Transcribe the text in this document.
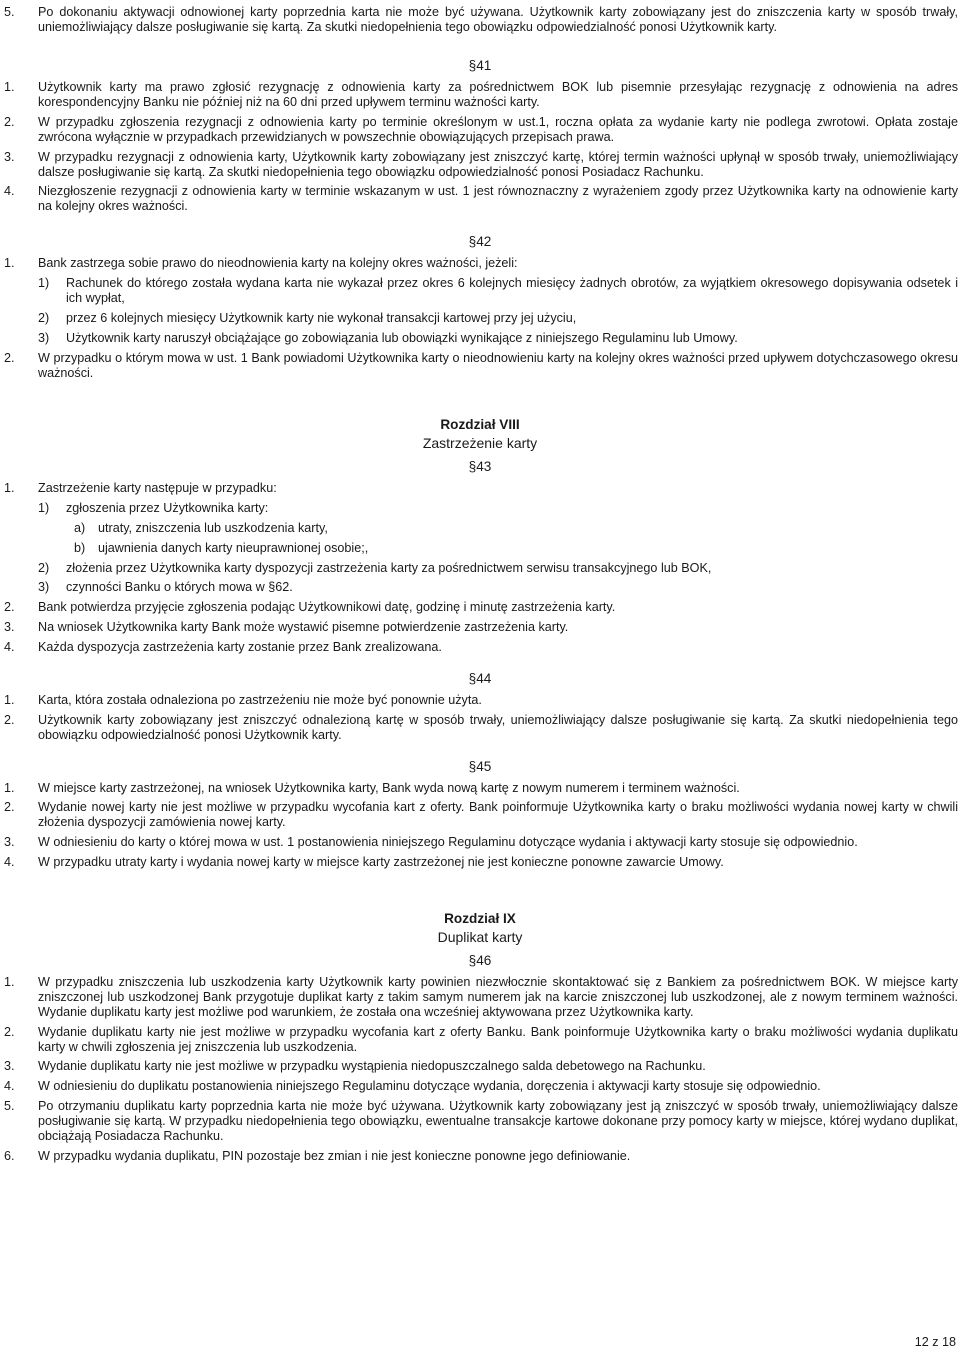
5. Po dokonaniu aktywacji odnowionej karty poprzednia karta nie może być używana. Użytkownik karty zobowiązany jest do zniszczenia karty w sposób trwały, uniemożliwiający dalsze posługiwanie się kartą. Za skutki niedopełnienia tego obowiązku odpowiedzialność ponosi Użytkownik karty.
§41
1. Użytkownik karty ma prawo zgłosić rezygnację z odnowienia karty za pośrednictwem BOK lub pisemnie przesyłając rezygnację z odnowienia na adres korespondencyjny Banku nie później niż na 60 dni przed upływem terminu ważności karty.
2. W przypadku zgłoszenia rezygnacji z odnowienia karty po terminie określonym w ust.1, roczna opłata za wydanie karty nie podlega zwrotowi. Opłata zostaje zwrócona wyłącznie w przypadkach przewidzianych w powszechnie obowiązujących przepisach prawa.
3. W przypadku rezygnacji z odnowienia karty, Użytkownik karty zobowiązany jest zniszczyć kartę, której termin ważności upłynął w sposób trwały, uniemożliwiający dalsze posługiwanie się kartą. Za skutki niedopełnienia tego obowiązku odpowiedzialność ponosi Posiadacz Rachunku.
4. Niezgłoszenie rezygnacji z odnowienia karty w terminie wskazanym w ust. 1 jest równoznaczny z wyrażeniem zgody przez Użytkownika karty na odnowienie karty na kolejny okres ważności.
§42
1. Bank zastrzega sobie prawo do nieodnowienia karty na kolejny okres ważności, jeżeli:
1) Rachunek do którego została wydana karta nie wykazał przez okres 6 kolejnych miesięcy żadnych obrotów, za wyjątkiem okresowego dopisywania odsetek i ich wypłat,
2) przez 6 kolejnych miesięcy Użytkownik karty nie wykonał transakcji kartowej przy jej użyciu,
3) Użytkownik karty naruszył obciążające go zobowiązania lub obowiązki wynikające z niniejszego Regulaminu lub Umowy.
2. W przypadku o którym mowa w ust. 1 Bank powiadomi Użytkownika karty o nieodnowieniu karty na kolejny okres ważności przed upływem dotychczasowego okresu ważności.
Rozdział VIII
Zastrzeżenie karty
§43
1. Zastrzeżenie karty następuje w przypadku:
1) zgłoszenia przez Użytkownika karty:
a) utraty, zniszczenia lub uszkodzenia karty,
b) ujawnienia danych karty nieuprawnionej osobie;,
2) złożenia przez Użytkownika karty dyspozycji zastrzeżenia karty za pośrednictwem serwisu transakcyjnego lub BOK,
3) czynności Banku o których mowa w §62.
2. Bank potwierdza przyjęcie zgłoszenia podając Użytkownikowi datę, godzinę i minutę zastrzeżenia karty.
3. Na wniosek Użytkownika karty Bank może wystawić pisemne potwierdzenie zastrzeżenia karty.
4. Każda dyspozycja zastrzeżenia karty zostanie przez Bank zrealizowana.
§44
1. Karta, która została odnaleziona po zastrzeżeniu nie może być ponownie użyta.
2. Użytkownik karty zobowiązany jest zniszczyć odnalezioną kartę w sposób trwały, uniemożliwiający dalsze posługiwanie się kartą. Za skutki niedopełnienia tego obowiązku odpowiedzialność ponosi Użytkownik karty.
§45
1. W miejsce karty zastrzeżonej, na wniosek Użytkownika karty, Bank wyda nową kartę z nowym numerem i terminem ważności.
2. Wydanie nowej karty nie jest możliwe w przypadku wycofania kart z oferty. Bank poinformuje Użytkownika karty o braku możliwości wydania nowej karty w chwili złożenia dyspozycji zamówienia nowej karty.
3. W odniesieniu do karty o której mowa w ust. 1 postanowienia niniejszego Regulaminu dotyczące wydania i aktywacji karty stosuje się odpowiednio.
4. W przypadku utraty karty i wydania nowej karty w miejsce karty zastrzeżonej nie jest konieczne ponowne zawarcie Umowy.
Rozdział IX
Duplikat karty
§46
1. W przypadku zniszczenia lub uszkodzenia karty Użytkownik karty powinien niezwłocznie skontaktować się z Bankiem za pośrednictwem BOK. W miejsce karty zniszczonej lub uszkodzonej Bank przygotuje duplikat karty z takim samym numerem jak na karcie zniszczonej lub uszkodzonej, ale z nowym terminem ważności. Wydanie duplikatu karty jest możliwe pod warunkiem, że została ona wcześniej aktywowana przez Użytkownika karty.
2. Wydanie duplikatu karty nie jest możliwe w przypadku wycofania kart z oferty Banku. Bank poinformuje Użytkownika karty o braku możliwości wydania duplikatu karty w chwili zgłoszenia jej zniszczenia lub uszkodzenia.
3. Wydanie duplikatu karty nie jest możliwe w przypadku wystąpienia niedopuszczalnego salda debetowego na Rachunku.
4. W odniesieniu do duplikatu postanowienia niniejszego Regulaminu dotyczące wydania, doręczenia i aktywacji karty stosuje się odpowiednio.
5. Po otrzymaniu duplikatu karty poprzednia karta nie może być używana. Użytkownik karty zobowiązany jest ją zniszczyć w sposób trwały, uniemożliwiający dalsze posługiwanie się kartą. W przypadku niedopełnienia tego obowiązku, ewentualne transakcje kartowe dokonane przy pomocy karty w miejsce, której wydano duplikat, obciążają Posiadacza Rachunku.
6. W przypadku wydania duplikatu, PIN pozostaje bez zmian i nie jest konieczne ponowne jego definiowanie.
12 z 18
